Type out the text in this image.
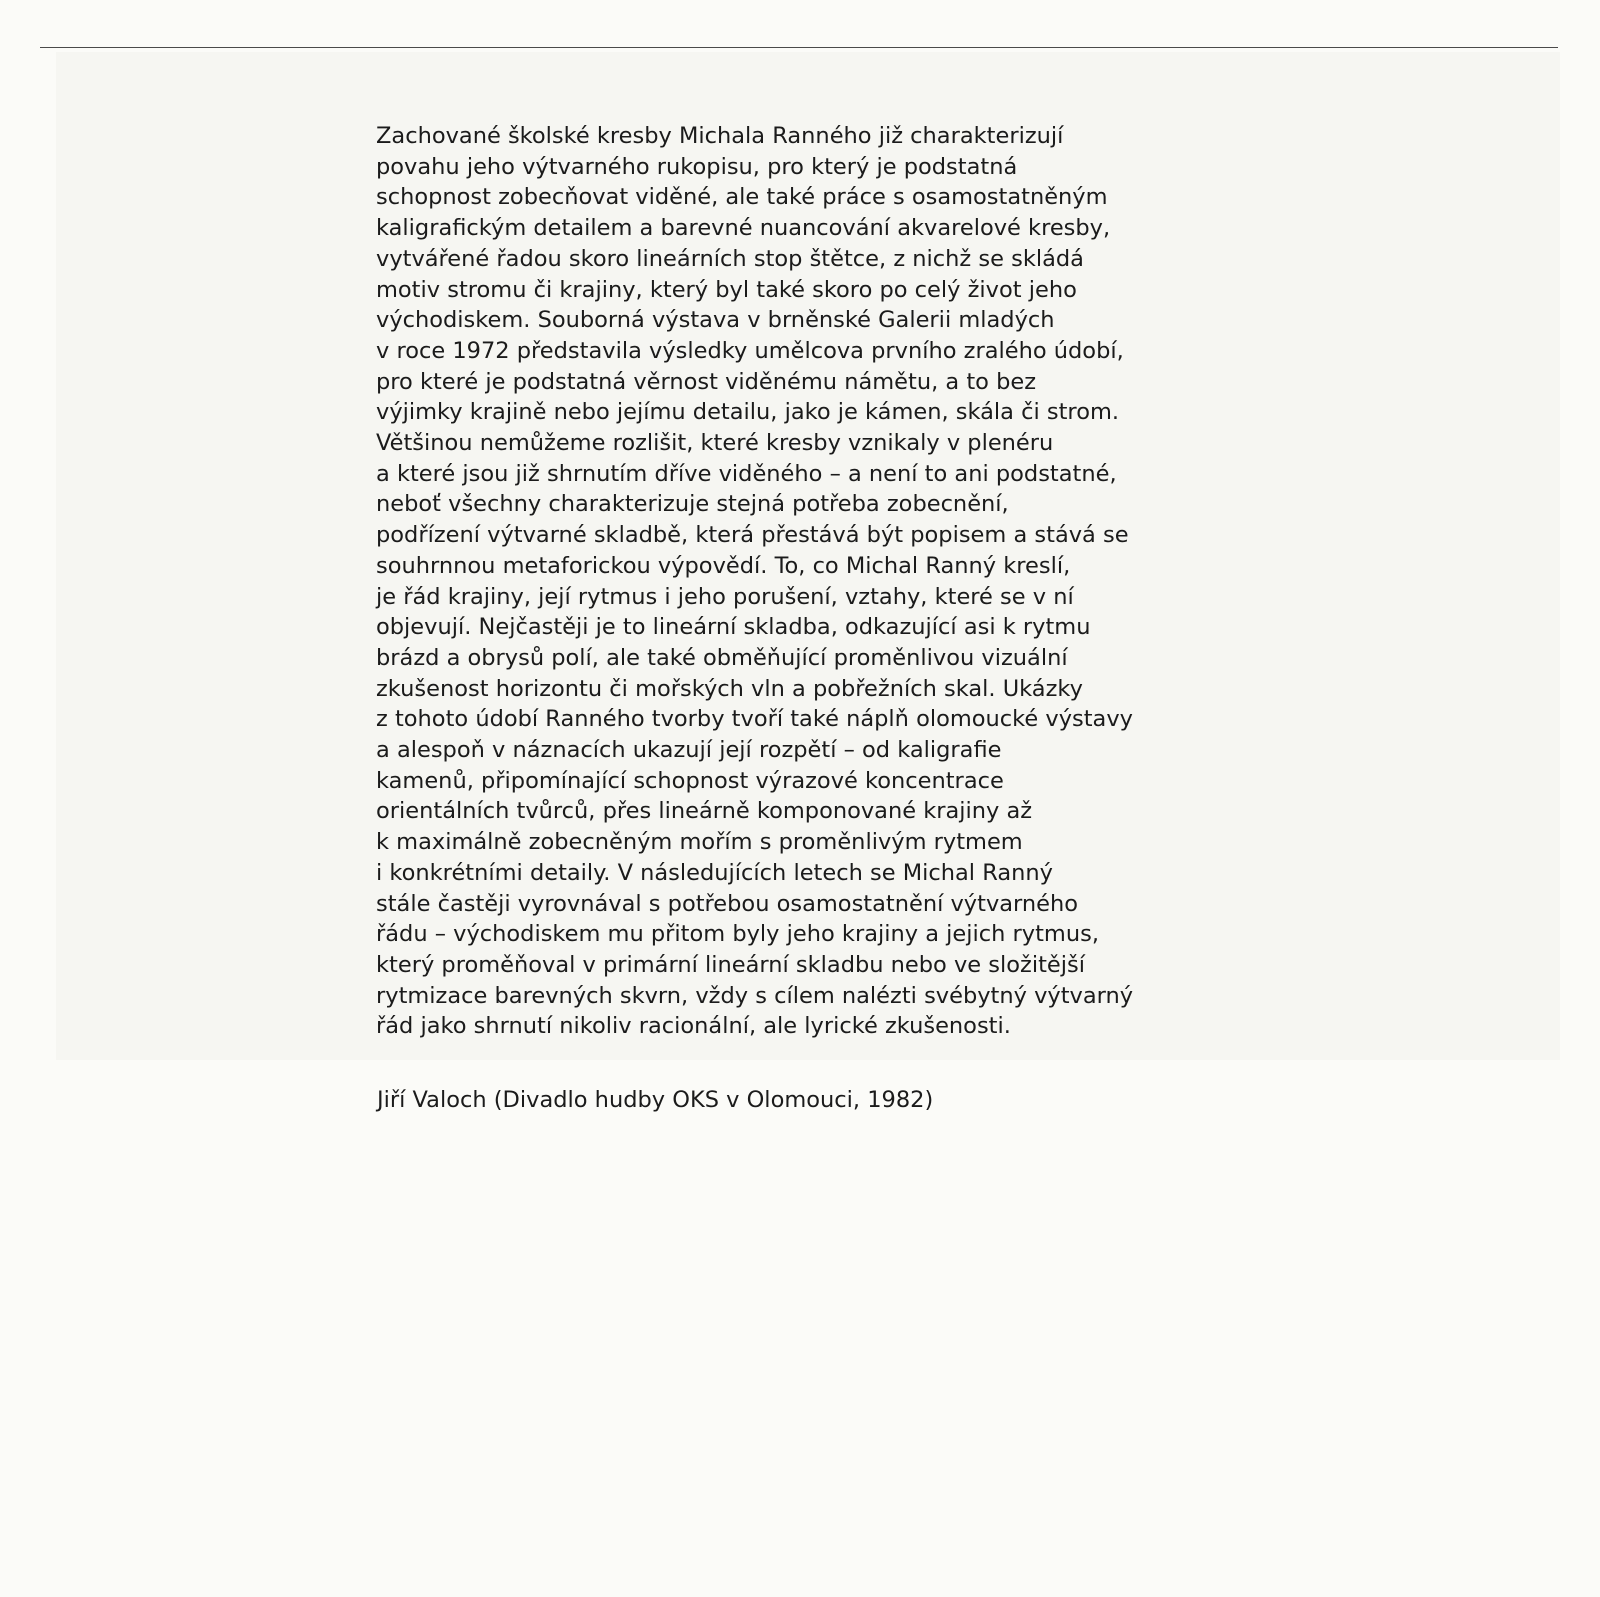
Zachované školské kresby Michala Ranného již charakterizují
povahu jeho výtvarného rukopisu, pro který je podstatná
schopnost zobecňovat viděné, ale také práce s osamostatněným
kaligrafickým detailem a barevné nuancování akvarelové kresby,
vytvářené řadou skoro lineárních stop štětce, z nichž se skládá
motiv stromu či krajiny, který byl také skoro po celý život jeho
východiskem. Souborná výstava v brněnské Galerii mladých
v roce 1972 představila výsledky umělcova prvního zralého údobí,
pro které je podstatná věrnost viděnému námětu, a to bez
výjimky krajině nebo jejímu detailu, jako je kámen, skála či strom.
Většinou nemůžeme rozlišit, které kresby vznikaly v plenéru
a které jsou již shrnutím dříve viděného – a není to ani podstatné,
neboť všechny charakterizuje stejná potřeba zobecnění,
podřízení výtvarné skladbě, která přestává být popisem a stává se
souhrnnou metaforickou výpovědí. To, co Michal Ranný kreslí,
je řád krajiny, její rytmus i jeho porušení, vztahy, které se v ní
objevují. Nejčastěji je to lineární skladba, odkazující asi k rytmu
brázd a obrysů polí, ale také obměňující proměnlivou vizuální
zkušenost horizontu či mořských vln a pobřežních skal. Ukázky
z tohoto údobí Ranného tvorby tvoří také náplň olomoucké výstavy
a alespoň v náznacích ukazují její rozpětí – od kaligrafie
kamenů, připomínající schopnost výrazové koncentrace
orientálních tvůrců, přes lineárně komponované krajiny až
k maximálně zobecněným mořím s proměnlivým rytmem
i konkrétními detaily. V následujících letech se Michal Ranný
stále častěji vyrovnával s potřebou osamostatnění výtvarného
řádu – východiskem mu přitom byly jeho krajiny a jejich rytmus,
který proměňoval v primární lineární skladbu nebo ve složitější
rytmizace barevných skvrn, vždy s cílem nalézti svébytný výtvarný
řád jako shrnutí nikoliv racionální, ale lyrické zkušenosti.

Jiří Valoch (Divadlo hudby OKS v Olomouci, 1982)
